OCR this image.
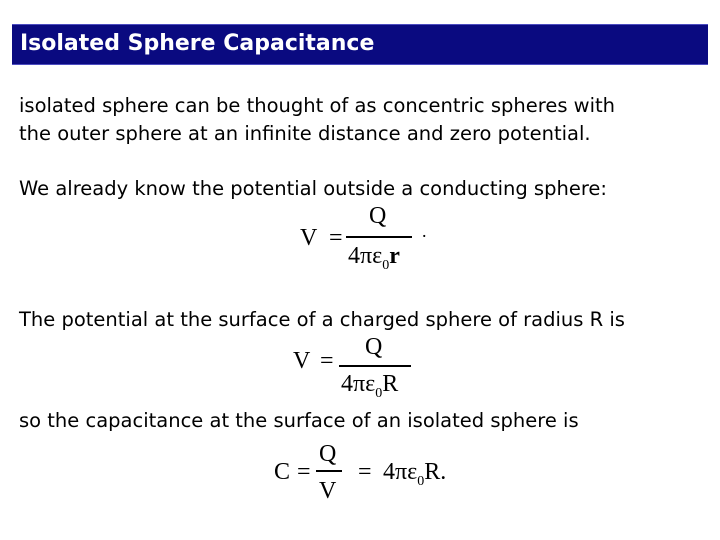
Isolated Sphere Capacitance
isolated sphere can be thought of as concentric spheres with
the outer sphere at an infinite distance and zero potential.
We already know the potential outside a conducting sphere:
V =
Q
$4\pi\varepsilon_0r$
.
The potential at the surface of a charged sphere of radius R is
V =
Q
$4\pi\varepsilon_0R$
so the capacitance at the surface of an isolated sphere is
C =
Q
V
= $4\pi\varepsilon_0R$.
